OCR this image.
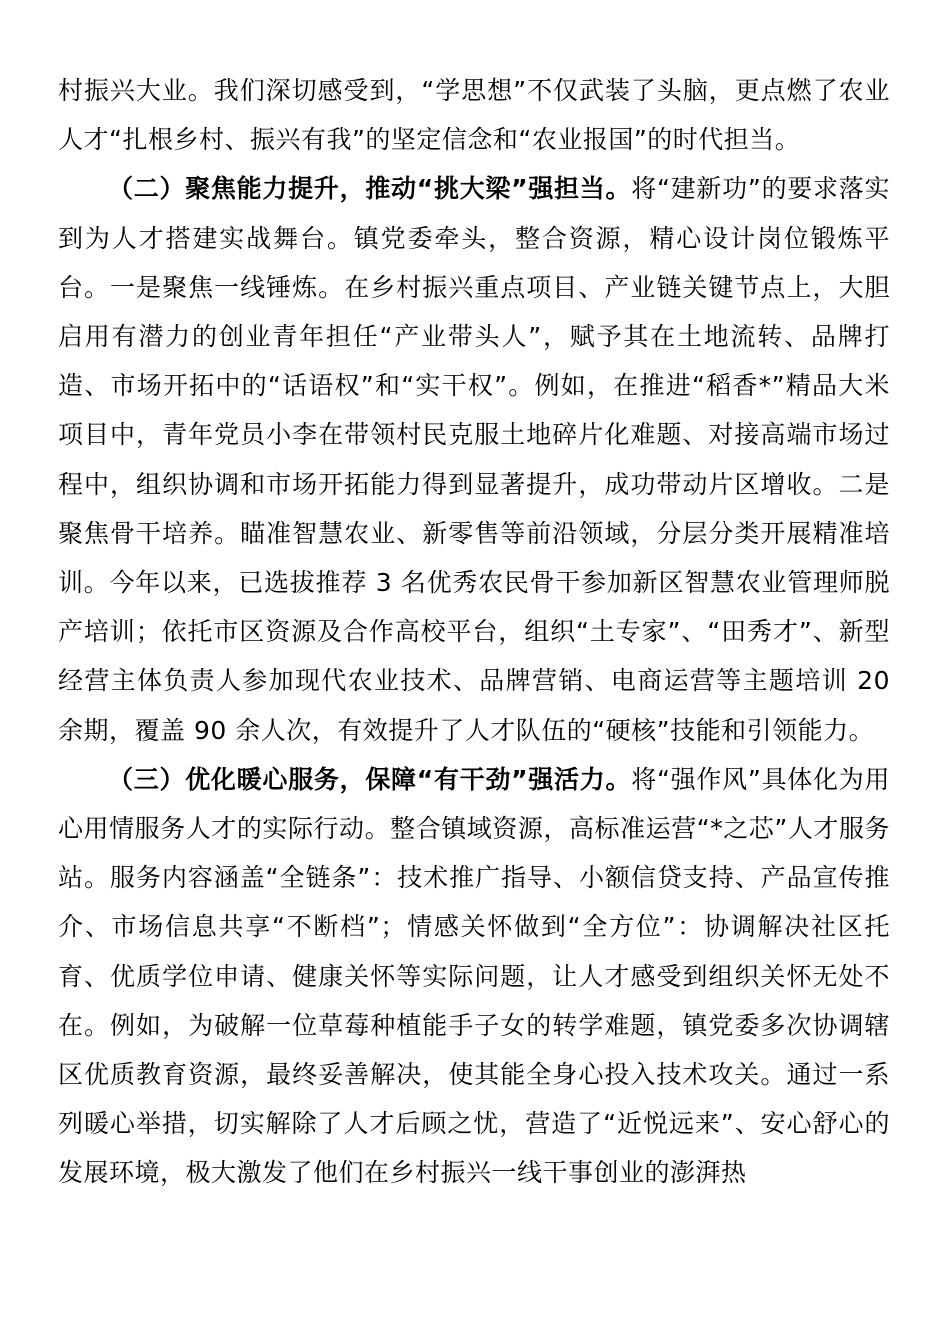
村振兴大业。我们深切感受到，“学思想”不仅武装了头脑，更点燃了农业人才“扎根乡村、振兴有我”的坚定信念和“农业报国”的时代担当。

（二）聚焦能力提升，推动“挑大梁”强担当。将“建新功”的要求落实到为人才搭建实战舞台。镇党委牵头，整合资源，精心设计岗位锻炼平台。一是聚焦一线锤炼。在乡村振兴重点项目、产业链关键节点上，大胆启用有潜力的创业青年担任“产业带头人”，赋予其在土地流转、品牌打造、市场开拓中的“话语权”和“实干权”。例如，在推进“稻香*”精品大米项目中，青年党员小李在带领村民克服土地碎片化难题、对接高端市场过程中，组织协调和市场开拓能力得到显著提升，成功带动片区增收。二是聚焦骨干培养。瞄准智慧农业、新零售等前沿领域，分层分类开展精准培训。今年以来，已选拔推荐 3 名优秀农民骨干参加新区智慧农业管理师脱产培训；依托市区资源及合作高校平台，组织“土专家”、“田秀才”、新型经营主体负责人参加现代农业技术、品牌营销、电商运营等主题培训 20 余期，覆盖 90 余人次，有效提升了人才队伍的“硬核”技能和引领能力。

（三）优化暖心服务，保障“有干劲”强活力。将“强作风”具体化为用心用情服务人才的实际行动。整合镇域资源，高标准运营“*之芯”人才服务站。服务内容涵盖“全链条”：技术推广指导、小额信贷支持、产品宣传推介、市场信息共享“不断档”；情感关怀做到“全方位”：协调解决社区托育、优质学位申请、健康关怀等实际问题，让人才感受到组织关怀无处不在。例如，为破解一位草莓种植能手子女的转学难题，镇党委多次协调辖区优质教育资源，最终妥善解决，使其能全身心投入技术攻关。通过一系列暖心举措，切实解除了人才后顾之忧，营造了“近悦远来”、安心舒心的发展环境，极大激发了他们在乡村振兴一线干事创业的澎湃热
